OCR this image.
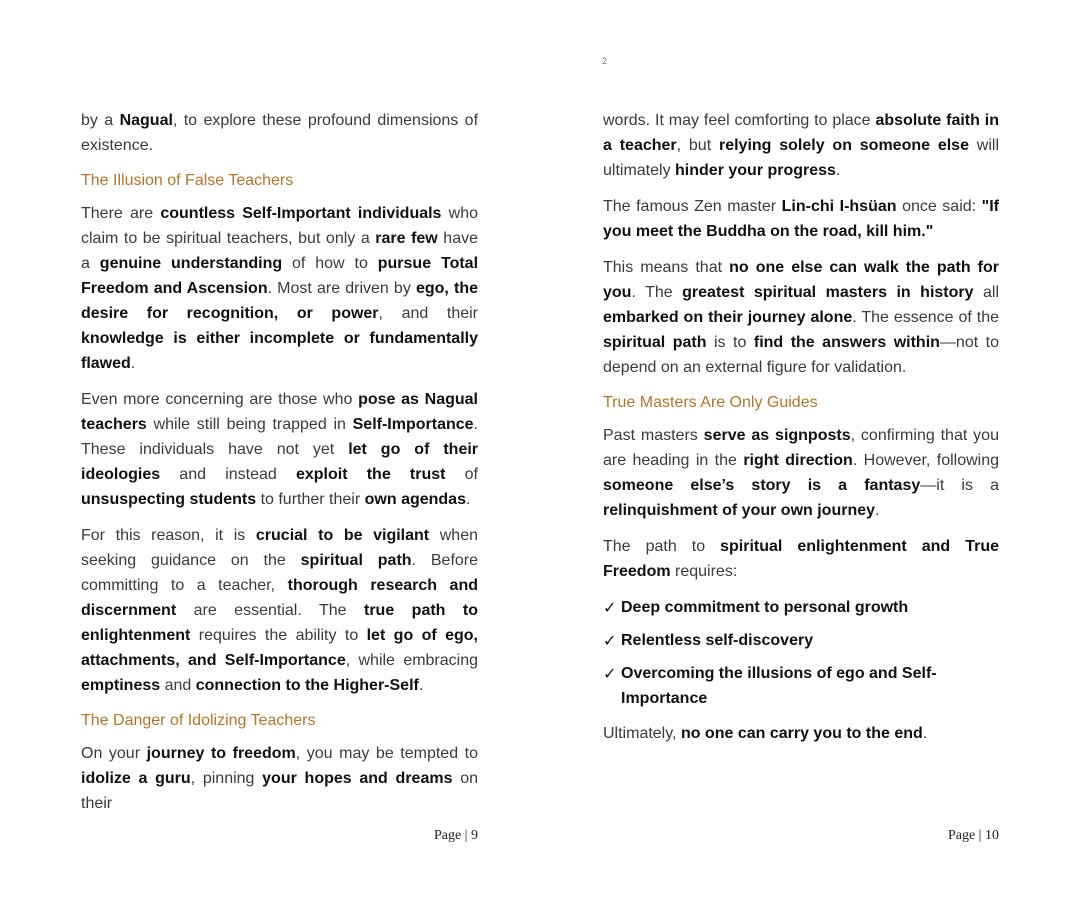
by a Nagual, to explore these profound dimensions of existence.

The Illusion of False Teachers

There are countless Self-Important individuals who claim to be spiritual teachers, but only a rare few have a genuine understanding of how to pursue Total Freedom and Ascension. Most are driven by ego, the desire for recognition, or power, and their knowledge is either incomplete or fundamentally flawed.

Even more concerning are those who pose as Nagual teachers while still being trapped in Self-Importance. These individuals have not yet let go of their ideologies and instead exploit the trust of unsuspecting students to further their own agendas.

For this reason, it is crucial to be vigilant when seeking guidance on the spiritual path. Before committing to a teacher, thorough research and discernment are essential. The true path to enlightenment requires the ability to let go of ego, attachments, and Self-Importance, while embracing emptiness and connection to the Higher-Self.

The Danger of Idolizing Teachers

On your journey to freedom, you may be tempted to idolize a guru, pinning your hopes and dreams on their

Page | 9
2

words. It may feel comforting to place absolute faith in a teacher, but relying solely on someone else will ultimately hinder your progress.

The famous Zen master Lin-chi I-hsüan once said: "If you meet the Buddha on the road, kill him."

This means that no one else can walk the path for you. The greatest spiritual masters in history all embarked on their journey alone. The essence of the spiritual path is to find the answers within—not to depend on an external figure for validation.

True Masters Are Only Guides

Past masters serve as signposts, confirming that you are heading in the right direction. However, following someone else’s story is a fantasy—it is a relinquishment of your own journey.

The path to spiritual enlightenment and True Freedom requires:

✓ Deep commitment to personal growth
✓ Relentless self-discovery
✓ Overcoming the illusions of ego and Self-Importance

Ultimately, no one can carry you to the end.

Page | 10
